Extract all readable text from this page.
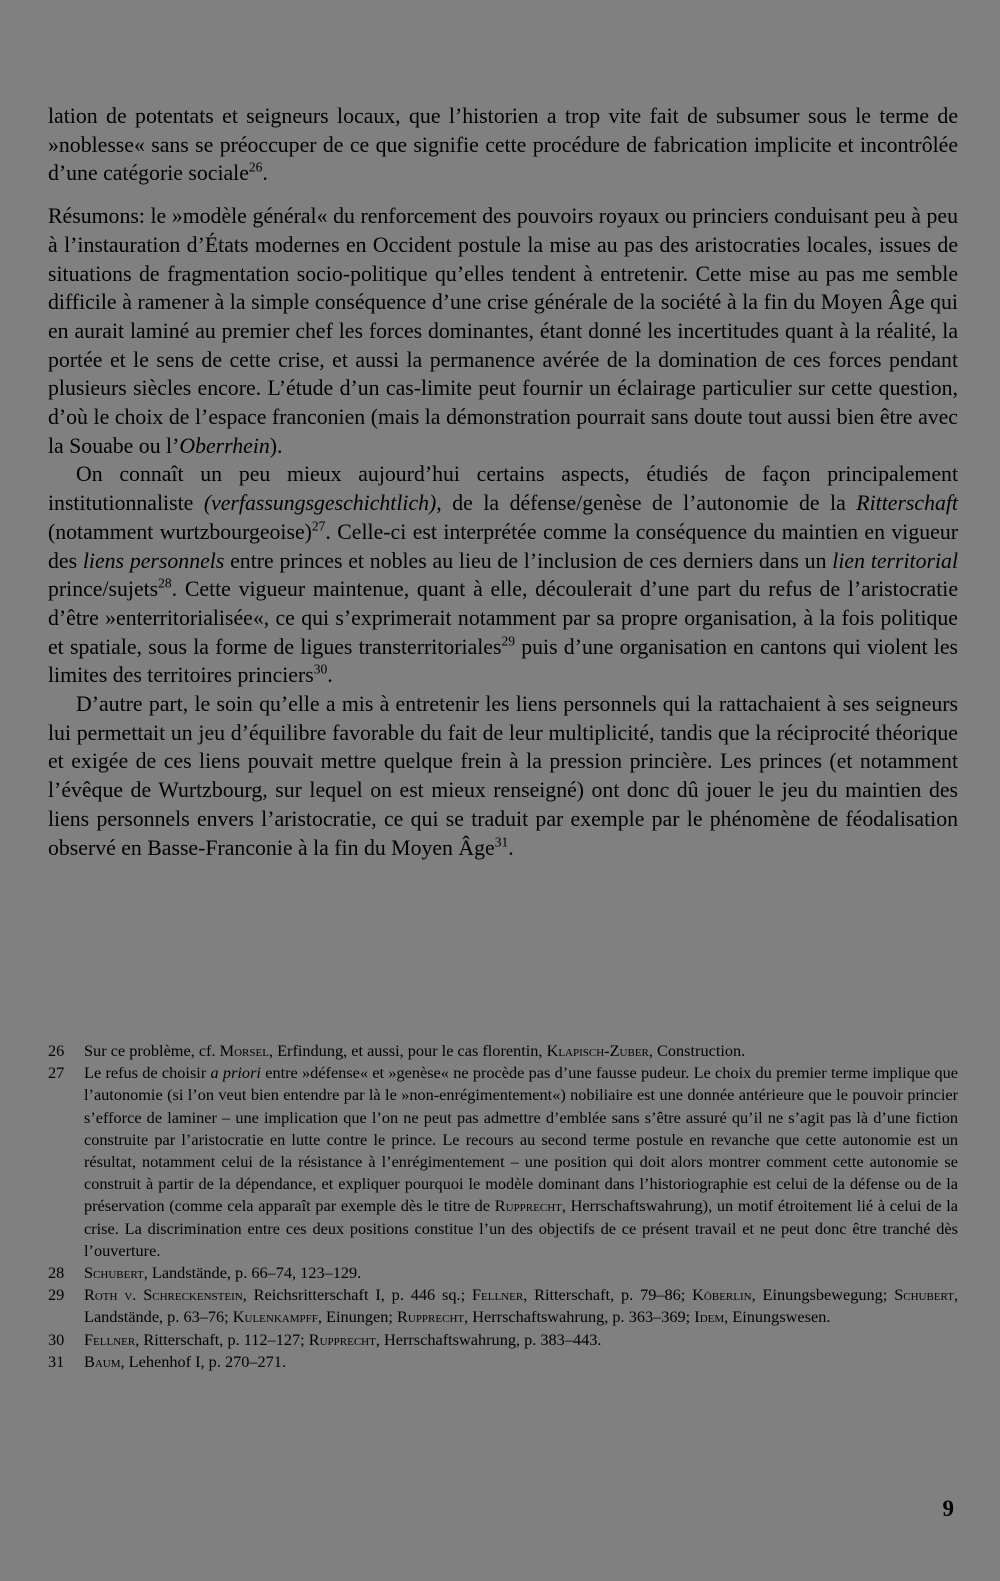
lation de potentats et seigneurs locaux, que l’historien a trop vite fait de subsumer sous le terme de »noblesse« sans se préoccuper de ce que signifie cette procédure de fabrication implicite et incontrôlée d’une catégorie sociale$^{26}$.

Résumons: le »modèle général« du renforcement des pouvoirs royaux ou princiers conduisant peu à peu à l’instauration d’États modernes en Occident postule la mise au pas des aristocraties locales, issues de situations de fragmentation socio-politique qu’elles tendent à entretenir. Cette mise au pas me semble difficile à ramener à la simple conséquence d’une crise générale de la société à la fin du Moyen Âge qui en aurait laminé au premier chef les forces dominantes, étant donné les incertitudes quant à la réalité, la portée et le sens de cette crise, et aussi la permanence avérée de la domination de ces forces pendant plusieurs siècles encore. L’étude d’un cas-limite peut fournir un éclairage particulier sur cette question, d’où le choix de l’espace franconien (mais la démonstration pourrait sans doute tout aussi bien être avec la Souabe ou l’Oberrhein).

On connaît un peu mieux aujourd’hui certains aspects, étudiés de façon principalement institutionnaliste (verfassungsgeschichtlich), de la défense/genèse de l’autonomie de la Ritterschaft (notamment wurtzbourgeoise)$^{27}$. Celle-ci est interprétée comme la conséquence du maintien en vigueur des liens personnels entre princes et nobles au lieu de l’inclusion de ces derniers dans un lien territorial prince/sujets$^{28}$. Cette vigueur maintenue, quant à elle, découlerait d’une part du refus de l’aristocratie d’être »enterritorialisée«, ce qui s’exprimerait notamment par sa propre organisation, à la fois politique et spatiale, sous la forme de ligues transterritoriales$^{29}$ puis d’une organisation en cantons qui violent les limites des territoires princiers$^{30}$.

D’autre part, le soin qu’elle a mis à entretenir les liens personnels qui la rattachaient à ses seigneurs lui permettait un jeu d’équilibre favorable du fait de leur multiplicité, tandis que la réciprocité théorique et exigée de ces liens pouvait mettre quelque frein à la pression princière. Les princes (et notamment l’évêque de Wurtzbourg, sur lequel on est mieux renseigné) ont donc dû jouer le jeu du maintien des liens personnels envers l’aristocratie, ce qui se traduit par exemple par le phénomène de féodalisation observé en Basse-Franconie à la fin du Moyen Âge$^{31}$.

26	Sur ce problème, cf. Morsel, Erfindung, et aussi, pour le cas florentin, Klapisch-Zuber, Construction.
27	Le refus de choisir a priori entre »défense« et »genèse« ne procède pas d’une fausse pudeur. Le choix du premier terme implique que l’autonomie (si l’on veut bien entendre par là le »non-enrégimentement«) nobiliaire est une donnée antérieure que le pouvoir princier s’efforce de laminer – une implication que l’on ne peut pas admettre d’emblée sans s’être assuré qu’il ne s’agit pas là d’une fiction construite par l’aristocratie en lutte contre le prince. Le recours au second terme postule en revanche que cette autonomie est un résultat, notamment celui de la résistance à l’enrégimentement – une position qui doit alors montrer comment cette autonomie se construit à partir de la dépendance, et expliquer pourquoi le modèle dominant dans l’historiographie est celui de la défense ou de la préservation (comme cela apparaît par exemple dès le titre de Rupprecht, Herrschaftswahrung), un motif étroitement lié à celui de la crise. La discrimination entre ces deux positions constitue l’un des objectifs de ce présent travail et ne peut donc être tranché dès l’ouverture.
28	Schubert, Landstände, p. 66–74, 123–129.
29	Roth v. Schreckenstein, Reichsritterschaft I, p. 446 sq.; Fellner, Ritterschaft, p. 79–86; Köberlin, Einungsbewegung; Schubert, Landstände, p. 63–76; Kulenkampff, Einungen; Rupprecht, Herrschaftswahrung, p. 363–369; Idem, Einungswesen.
30	Fellner, Ritterschaft, p. 112–127; Rupprecht, Herrschaftswahrung, p. 383–443.
31	Baum, Lehenhof I, p. 270–271.
9
